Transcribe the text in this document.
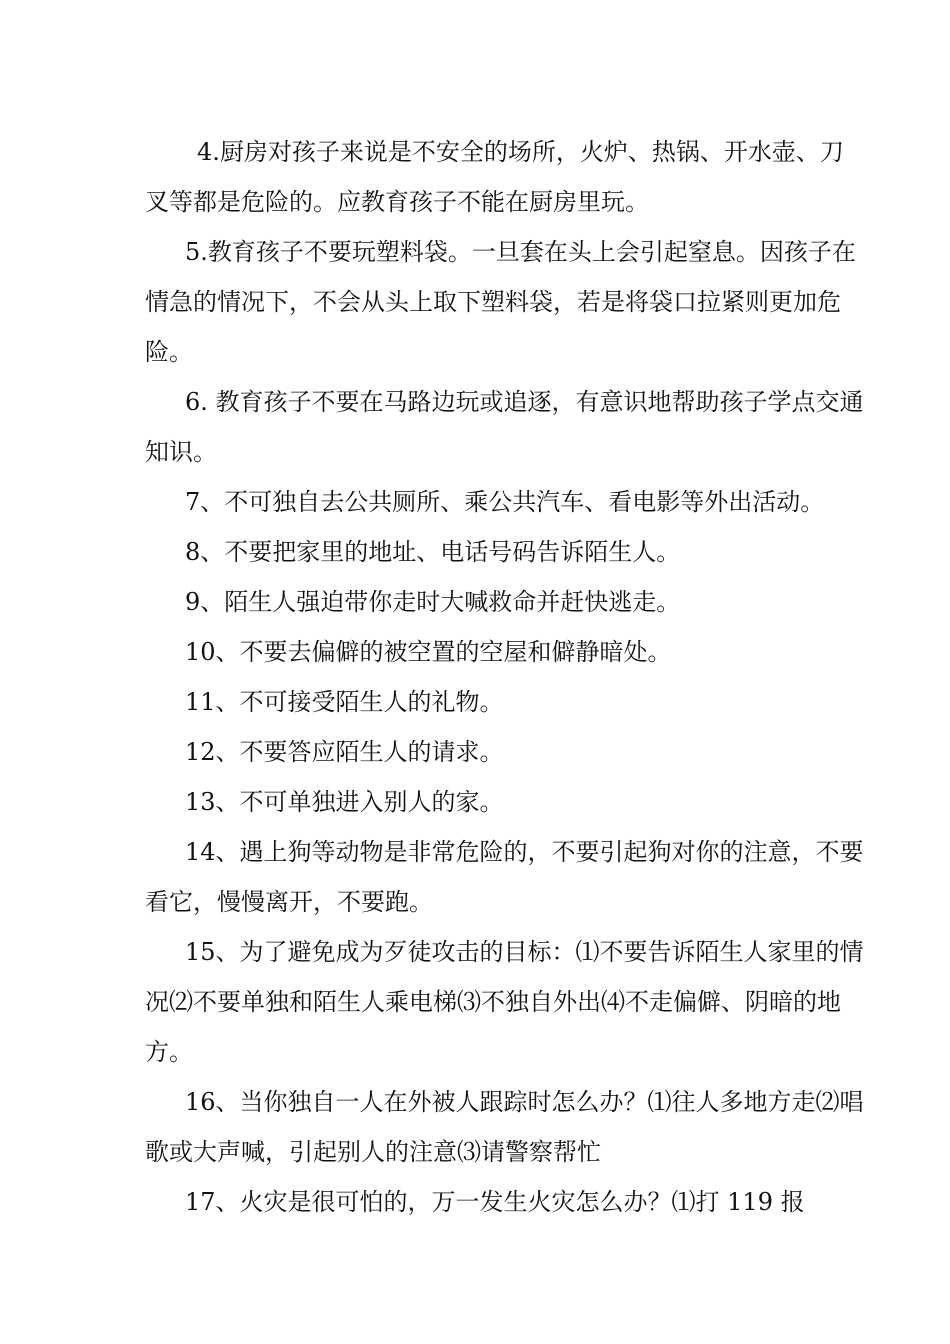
4.厨房对孩子来说是不安全的场所，火炉、热锅、开水壶、刀叉等都是危险的。应教育孩子不能在厨房里玩。

5.教育孩子不要玩塑料袋。一旦套在头上会引起窒息。因孩子在情急的情况下，不会从头上取下塑料袋，若是将袋口拉紧则更加危险。

6. 教育孩子不要在马路边玩或追逐，有意识地帮助孩子学点交通知识。

7、不可独自去公共厕所、乘公共汽车、看电影等外出活动。

8、不要把家里的地址、电话号码告诉陌生人。

9、陌生人强迫带你走时大喊救命并赶快逃走。

10、不要去偏僻的被空置的空屋和僻静暗处。

11、不可接受陌生人的礼物。

12、不要答应陌生人的请求。

13、不可单独进入别人的家。

14、遇上狗等动物是非常危险的，不要引起狗对你的注意，不要看它，慢慢离开，不要跑。

15、为了避免成为歹徒攻击的目标：⑴不要告诉陌生人家里的情况⑵不要单独和陌生人乘电梯⑶不独自外出⑷不走偏僻、阴暗的地方。

16、当你独自一人在外被人跟踪时怎么办？⑴往人多地方走⑵唱歌或大声喊，引起别人的注意⑶请警察帮忙

17、火灾是很可怕的，万一发生火灾怎么办？⑴打 119 报
